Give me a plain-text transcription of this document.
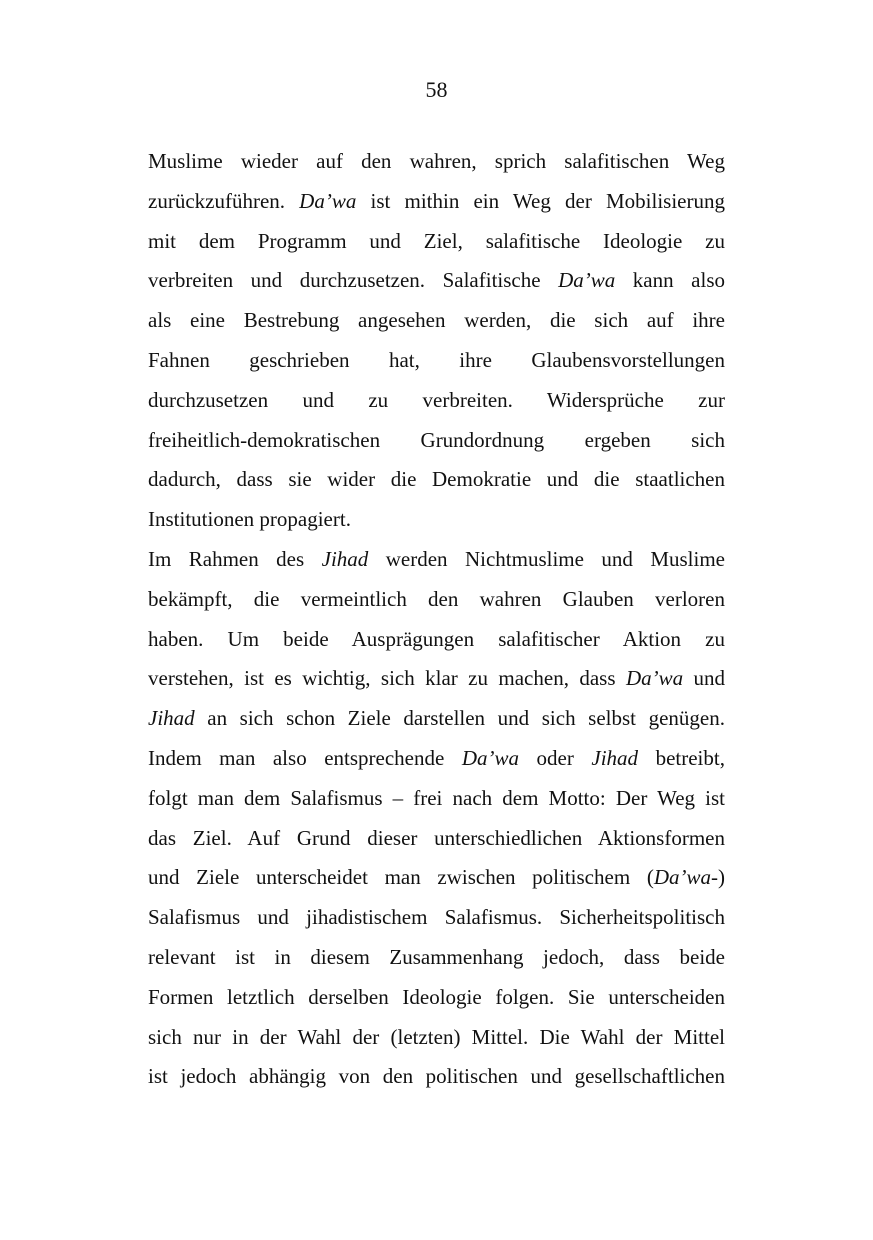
58
Muslime wieder auf den wahren, sprich salafitischen Weg
zurückzuführen. Da’wa ist mithin ein Weg der Mobilisierung
mit dem Programm und Ziel, salafitische Ideologie zu
verbreiten und durchzusetzen. Salafitische Da’wa kann also
als eine Bestrebung angesehen werden, die sich auf ihre
Fahnen geschrieben hat, ihre Glaubensvorstellungen
durchzusetzen und zu verbreiten. Widersprüche zur
freiheitlich-demokratischen Grundordnung ergeben sich
dadurch, dass sie wider die Demokratie und die staatlichen
Institutionen propagiert.
Im Rahmen des Jihad werden Nichtmuslime und Muslime
bekämpft, die vermeintlich den wahren Glauben verloren
haben. Um beide Ausprägungen salafitischer Aktion zu
verstehen, ist es wichtig, sich klar zu machen, dass Da’wa und
Jihad an sich schon Ziele darstellen und sich selbst genügen.
Indem man also entsprechende Da’wa oder Jihad betreibt,
folgt man dem Salafismus – frei nach dem Motto: Der Weg ist
das Ziel. Auf Grund dieser unterschiedlichen Aktionsformen
und Ziele unterscheidet man zwischen politischem (Da’wa-)
Salafismus und jihadistischem Salafismus. Sicherheitspolitisch
relevant ist in diesem Zusammenhang jedoch, dass beide
Formen letztlich derselben Ideologie folgen. Sie unterscheiden
sich nur in der Wahl der (letzten) Mittel. Die Wahl der Mittel
ist jedoch abhängig von den politischen und gesellschaftlichen
